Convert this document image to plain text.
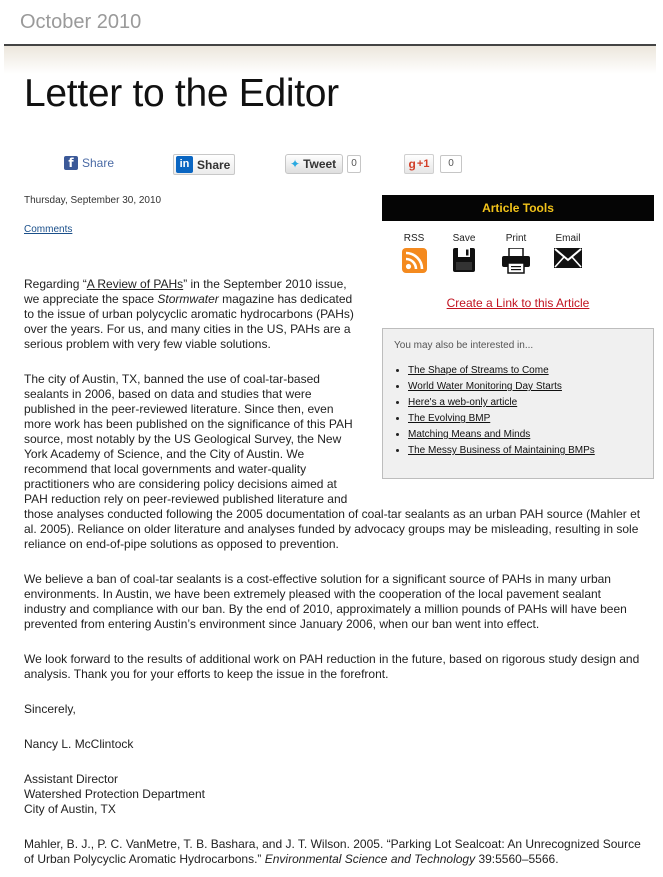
October 2010
Letter to the Editor
f Share	in Share	✦ Tweet	0	g +1	0
Thursday, September 30, 2010
Comments
Article Tools
RSS	Save	Print	Email
Create a Link to this Article
You may also be interested in...
• The Shape of Streams to Come
• World Water Monitoring Day Starts
• Here's a web-only article
• The Evolving BMP
• Matching Means and Minds
• The Messy Business of Maintaining BMPs

Regarding “A Review of PAHs” in the September 2010 issue, we appreciate the space Stormwater magazine has dedicated to the issue of urban polycyclic aromatic hydrocarbons (PAHs) over the years. For us, and many cities in the US, PAHs are a serious problem with very few viable solutions.

The city of Austin, TX, banned the use of coal-tar-based sealants in 2006, based on data and studies that were published in the peer-reviewed literature. Since then, even more work has been published on the significance of this PAH source, most notably by the US Geological Survey, the New York Academy of Science, and the City of Austin. We recommend that local governments and water-quality practitioners who are considering policy decisions aimed at PAH reduction rely on peer-reviewed published literature and

those analyses conducted following the 2005 documentation of coal-tar sealants as an urban PAH source (Mahler et al. 2005). Reliance on older literature and analyses funded by advocacy groups may be misleading, resulting in sole reliance on end-of-pipe solutions as opposed to prevention.

We believe a ban of coal-tar sealants is a cost-effective solution for a significant source of PAHs in many urban environments. In Austin, we have been extremely pleased with the cooperation of the local pavement sealant industry and compliance with our ban. By the end of 2010, approximately a million pounds of PAHs will have been prevented from entering Austin’s environment since January 2006, when our ban went into effect.

We look forward to the results of additional work on PAH reduction in the future, based on rigorous study design and analysis. Thank you for your efforts to keep the issue in the forefront.

Sincerely,

Nancy L. McClintock

Assistant Director

Watershed Protection Department

City of Austin, TX

Mahler, B. J., P. C. VanMetre, T. B. Bashara, and J. T. Wilson. 2005. “Parking Lot Sealcoat: An Unrecognized Source of Urban Polycyclic Aromatic Hydrocarbons.” Environmental Science and Technology 39:5560–5566.
